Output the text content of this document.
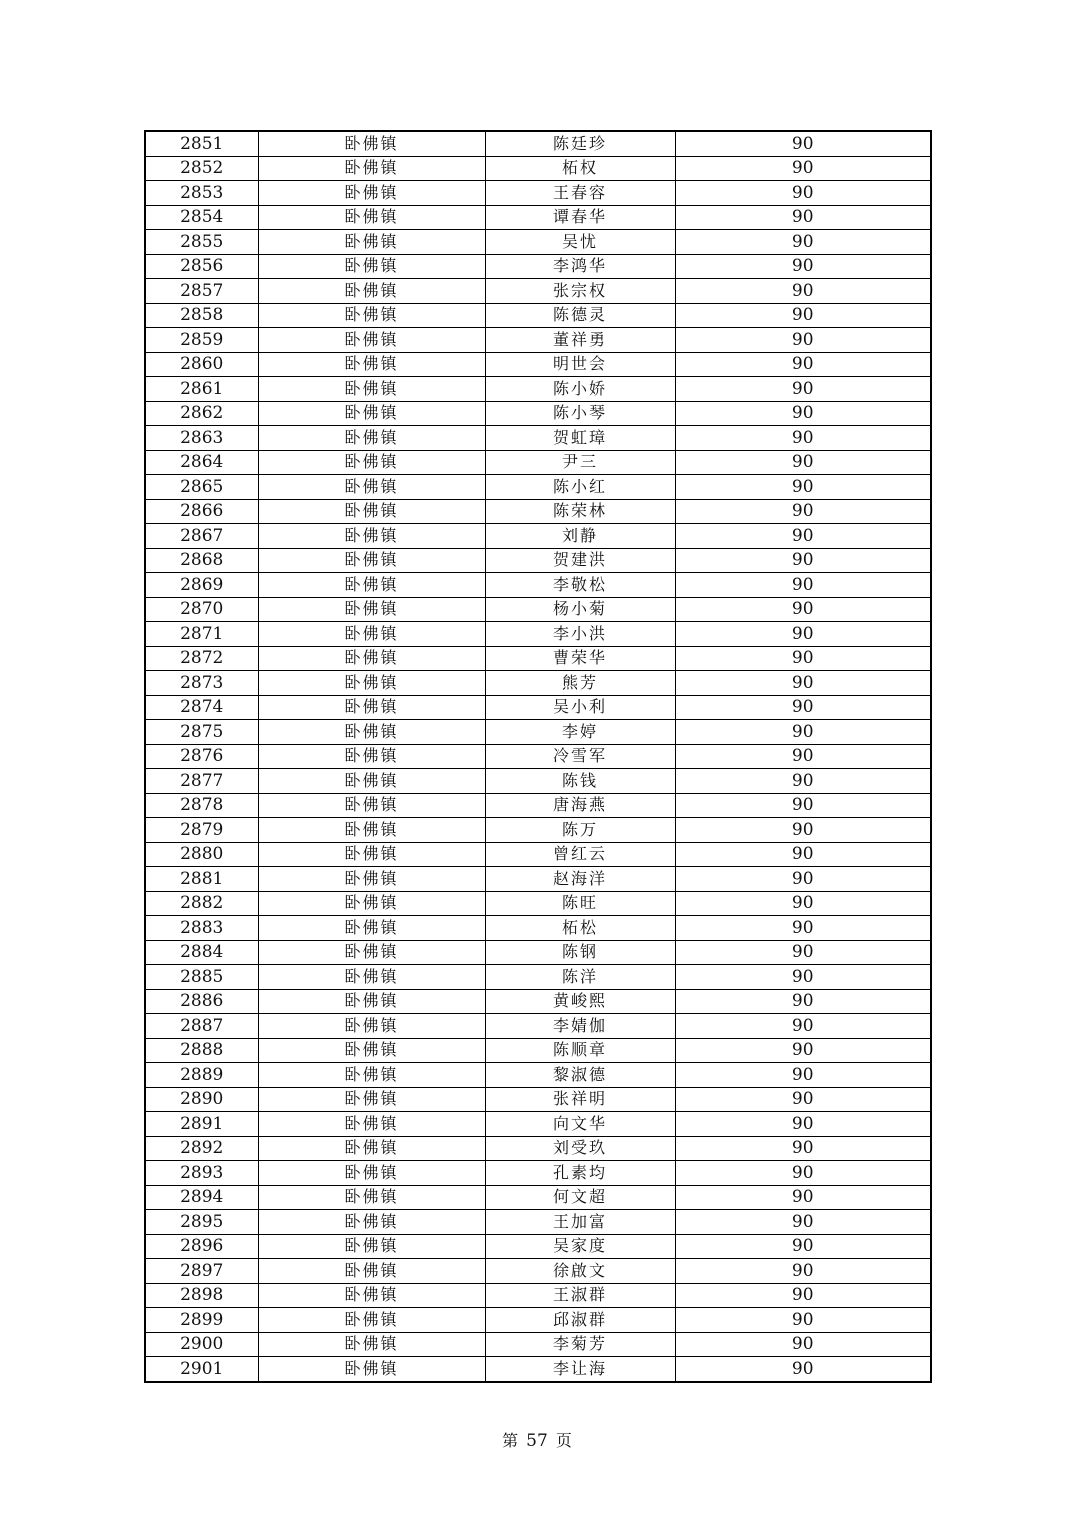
2851	卧佛镇	陈廷珍	90
2852	卧佛镇	柘权	90
2853	卧佛镇	王春容	90
2854	卧佛镇	谭春华	90
2855	卧佛镇	吴忧	90
2856	卧佛镇	李鸿华	90
2857	卧佛镇	张宗权	90
2858	卧佛镇	陈德灵	90
2859	卧佛镇	董祥勇	90
2860	卧佛镇	明世会	90
2861	卧佛镇	陈小娇	90
2862	卧佛镇	陈小琴	90
2863	卧佛镇	贺虹璋	90
2864	卧佛镇	尹三	90
2865	卧佛镇	陈小红	90
2866	卧佛镇	陈荣林	90
2867	卧佛镇	刘静	90
2868	卧佛镇	贺建洪	90
2869	卧佛镇	李敬松	90
2870	卧佛镇	杨小菊	90
2871	卧佛镇	李小洪	90
2872	卧佛镇	曹荣华	90
2873	卧佛镇	熊芳	90
2874	卧佛镇	吴小利	90
2875	卧佛镇	李婷	90
2876	卧佛镇	冷雪军	90
2877	卧佛镇	陈钱	90
2878	卧佛镇	唐海燕	90
2879	卧佛镇	陈万	90
2880	卧佛镇	曾红云	90
2881	卧佛镇	赵海洋	90
2882	卧佛镇	陈旺	90
2883	卧佛镇	柘松	90
2884	卧佛镇	陈钢	90
2885	卧佛镇	陈洋	90
2886	卧佛镇	黄峻熙	90
2887	卧佛镇	李婧伽	90
2888	卧佛镇	陈顺章	90
2889	卧佛镇	黎淑德	90
2890	卧佛镇	张祥明	90
2891	卧佛镇	向文华	90
2892	卧佛镇	刘受玖	90
2893	卧佛镇	孔素均	90
2894	卧佛镇	何文超	90
2895	卧佛镇	王加富	90
2896	卧佛镇	吴家度	90
2897	卧佛镇	徐啟文	90
2898	卧佛镇	王淑群	90
2899	卧佛镇	邱淑群	90
2900	卧佛镇	李菊芳	90
2901	卧佛镇	李让海	90
第 57 页
